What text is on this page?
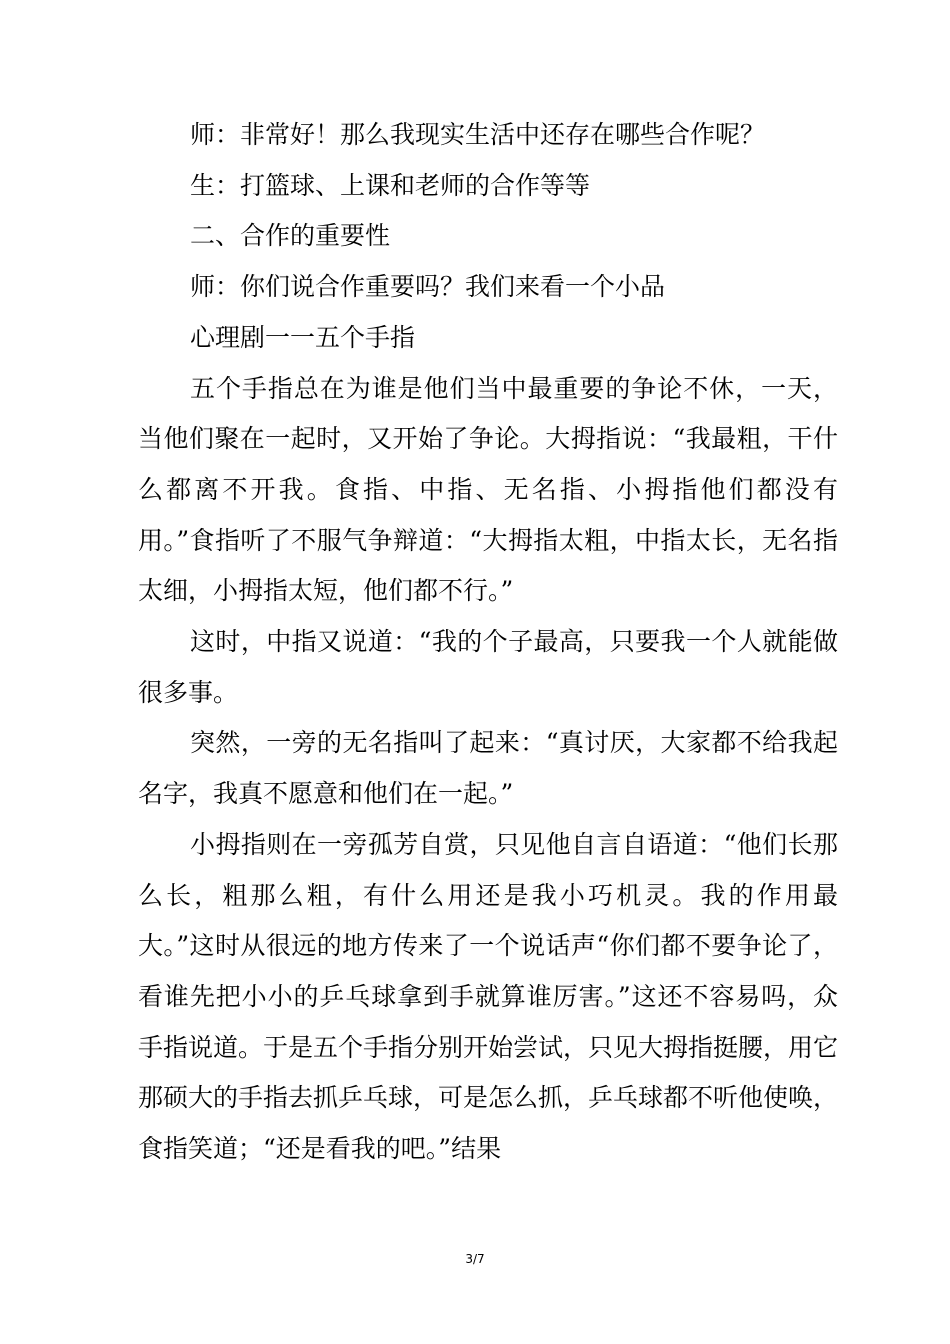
师：非常好！那么我现实生活中还存在哪些合作呢？

生：打篮球、上课和老师的合作等等

二、合作的重要性

师：你们说合作重要吗？我们来看一个小品

心理剧一一五个手指

五个手指总在为谁是他们当中最重要的争论不休，一天，当他们聚在一起时，又开始了争论。大拇指说：“我最粗，干什么都离不开我。食指、中指、无名指、小拇指他们都没有用。”食指听了不服气争辩道：“大拇指太粗，中指太长，无名指太细，小拇指太短，他们都不行。”

这时，中指又说道：“我的个子最高，只要我一个人就能做很多事。

突然，一旁的无名指叫了起来：“真讨厌，大家都不给我起名字，我真不愿意和他们在一起。”

小拇指则在一旁孤芳自赏，只见他自言自语道：“他们长那么长，粗那么粗，有什么用还是我小巧机灵。我的作用最大。”这时从很远的地方传来了一个说话声“你们都不要争论了，看谁先把小小的乒乓球拿到手就算谁厉害。”这还不容易吗，众手指说道。于是五个手指分别开始尝试，只见大拇指挺腰，用它那硕大的手指去抓乒乓球，可是怎么抓，乒乓球都不听他使唤，食指笑道；“还是看我的吧。”结果

3/7
